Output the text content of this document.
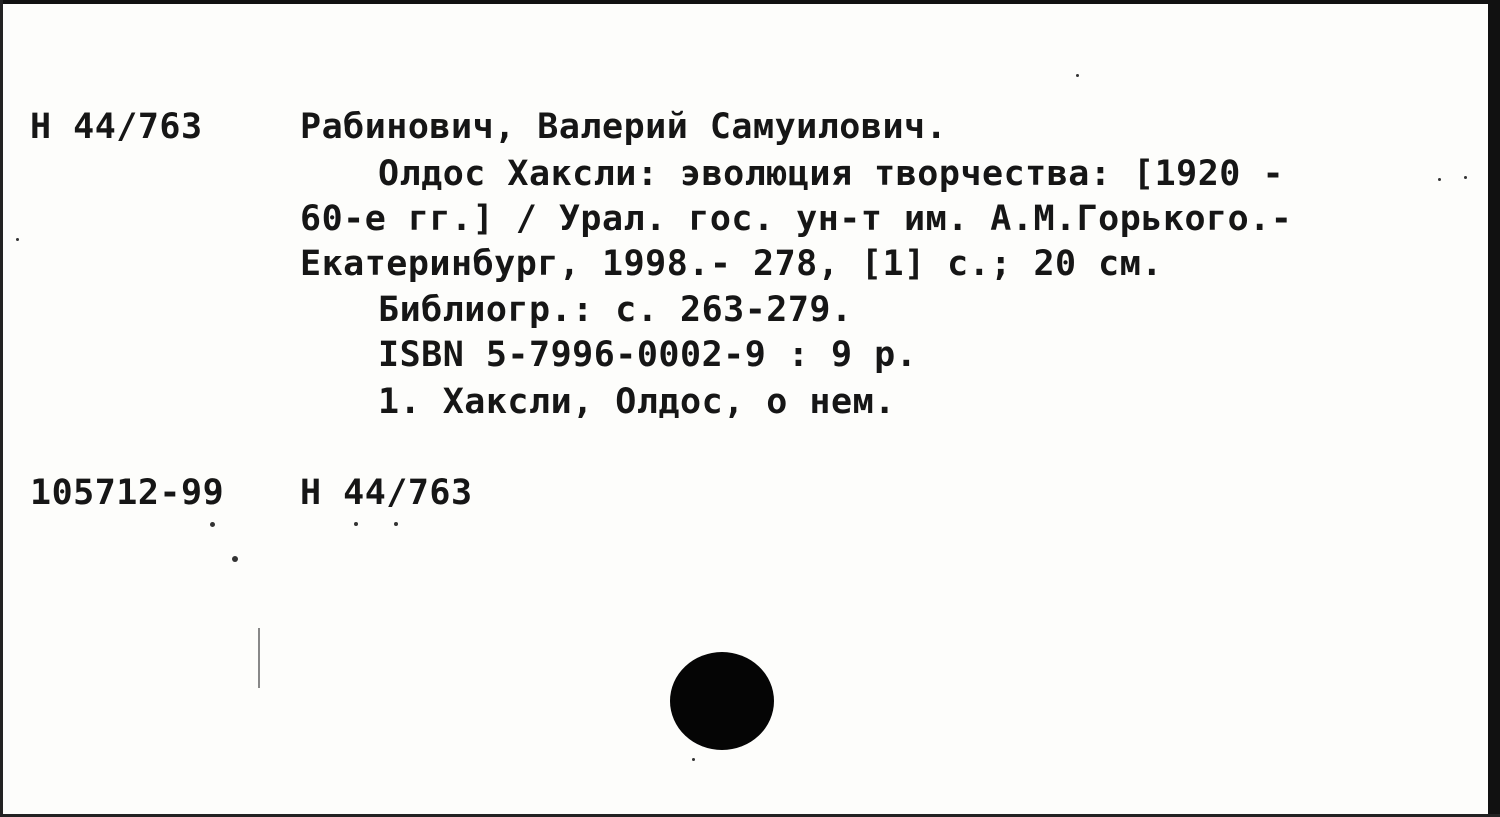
Н 44/763	Рабинович, Валерий Самуилович.
Олдос Хаксли: эволюция творчества: [1920 -
60-е гг.] / Урал. гос. ун-т им. А.М.Горького.-
Екатеринбург, 1998.- 278, [1] с.; 20 см.
Библиогр.: с. 263-279.
ISBN 5-7996-0002-9 : 9 р.
1. Хаксли, Олдос, о нем.
105712-99 Н 44/763
